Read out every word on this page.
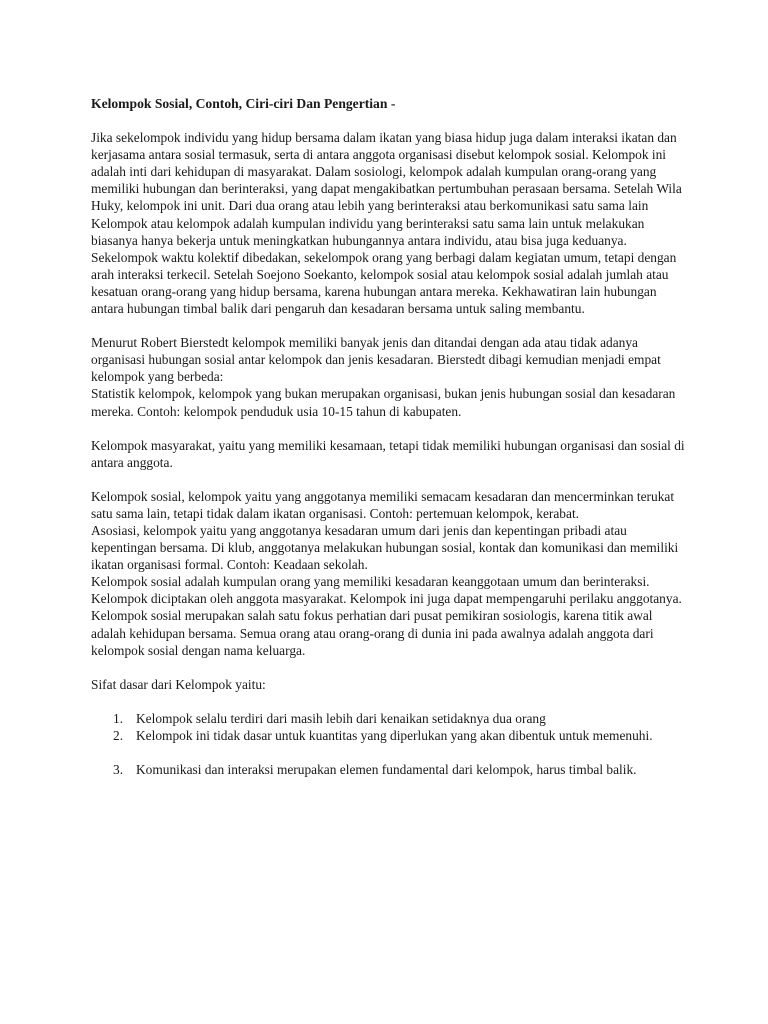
Kelompok Sosial, Contoh, Ciri-ciri Dan Pengertian -

Jika sekelompok individu yang hidup bersama dalam ikatan yang biasa hidup juga dalam interaksi ikatan dan kerjasama antara sosial termasuk, serta di antara anggota organisasi disebut kelompok sosial. Kelompok ini adalah inti dari kehidupan di masyarakat. Dalam sosiologi, kelompok adalah kumpulan orang-orang yang memiliki hubungan dan berinteraksi, yang dapat mengakibatkan pertumbuhan perasaan bersama. Setelah Wila Huky, kelompok ini unit. Dari dua orang atau lebih yang berinteraksi atau berkomunikasi satu sama lain Kelompok atau kelompok adalah kumpulan individu yang berinteraksi satu sama lain untuk melakukan biasanya hanya bekerja untuk meningkatkan hubungannya antara individu, atau bisa juga keduanya. Sekelompok waktu kolektif dibedakan, sekelompok orang yang berbagi dalam kegiatan umum, tetapi dengan arah interaksi terkecil. Setelah Soejono Soekanto, kelompok sosial atau kelompok sosial adalah jumlah atau kesatuan orang-orang yang hidup bersama, karena hubungan antara mereka. Kekhawatiran lain hubungan antara hubungan timbal balik dari pengaruh dan kesadaran bersama untuk saling membantu.

Menurut Robert Bierstedt kelompok memiliki banyak jenis dan ditandai dengan ada atau tidak adanya organisasi hubungan sosial antar kelompok dan jenis kesadaran. Bierstedt dibagi kemudian menjadi empat kelompok yang berbeda:

Statistik kelompok, kelompok yang bukan merupakan organisasi, bukan jenis hubungan sosial dan kesadaran mereka. Contoh: kelompok penduduk usia 10-15 tahun di kabupaten.

Kelompok masyarakat, yaitu yang memiliki kesamaan, tetapi tidak memiliki hubungan organisasi dan sosial di antara anggota.

Kelompok sosial, kelompok yaitu yang anggotanya memiliki semacam kesadaran dan mencerminkan terukat satu sama lain, tetapi tidak dalam ikatan organisasi. Contoh: pertemuan kelompok, kerabat.

Asosiasi, kelompok yaitu yang anggotanya kesadaran umum dari jenis dan kepentingan pribadi atau kepentingan bersama. Di klub, anggotanya melakukan hubungan sosial, kontak dan komunikasi dan memiliki ikatan organisasi formal. Contoh: Keadaan sekolah.

Kelompok sosial adalah kumpulan orang yang memiliki kesadaran keanggotaan umum dan berinteraksi. Kelompok diciptakan oleh anggota masyarakat. Kelompok ini juga dapat mempengaruhi perilaku anggotanya.

Kelompok sosial merupakan salah satu fokus perhatian dari pusat pemikiran sosiologis, karena titik awal adalah kehidupan bersama. Semua orang atau orang-orang di dunia ini pada awalnya adalah anggota dari kelompok sosial dengan nama keluarga.

Sifat dasar dari Kelompok yaitu:

1. Kelompok selalu terdiri dari masih lebih dari kenaikan setidaknya dua orang
2. Kelompok ini tidak dasar untuk kuantitas yang diperlukan yang akan dibentuk untuk memenuhi.
3. Komunikasi dan interaksi merupakan elemen fundamental dari kelompok, harus timbal balik.
